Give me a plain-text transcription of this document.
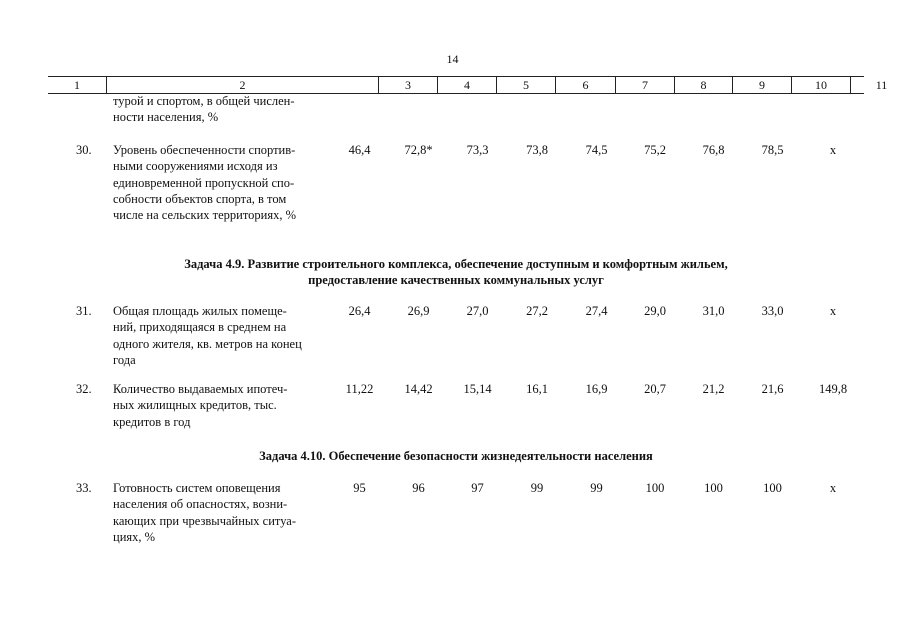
14
1	2	3	4	5	6	7	8	9	10	11
турой и спортом, в общей числен-
ности населения, %
30. Уровень обеспеченности спортив-
ными сооружениями исходя из
единовременной пропускной спо-
собности объектов спорта, в том
числе на сельских территориях, %
46,4	72,8*	73,3	73,8	74,5	75,2	76,8	78,5	x
Задача 4.9. Развитие строительного комплекса, обеспечение доступным и комфортным жильем,
предоставление качественных коммунальных услуг
31. Общая площадь жилых помеще-
ний, приходящаяся в среднем на
одного жителя, кв. метров на конец
года
26,4	26,9	27,0	27,2	27,4	29,0	31,0	33,0	x
32. Количество выдаваемых ипотеч-
ных жилищных кредитов, тыс.
кредитов в год
11,22	14,42	15,14	16,1	16,9	20,7	21,2	21,6	149,8
Задача 4.10. Обеспечение безопасности жизнедеятельности населения
33. Готовность систем оповещения
населения об опасностях, возни-
кающих при чрезвычайных ситуа-
циях, %
95	96	97	99	99	100	100	100	x
